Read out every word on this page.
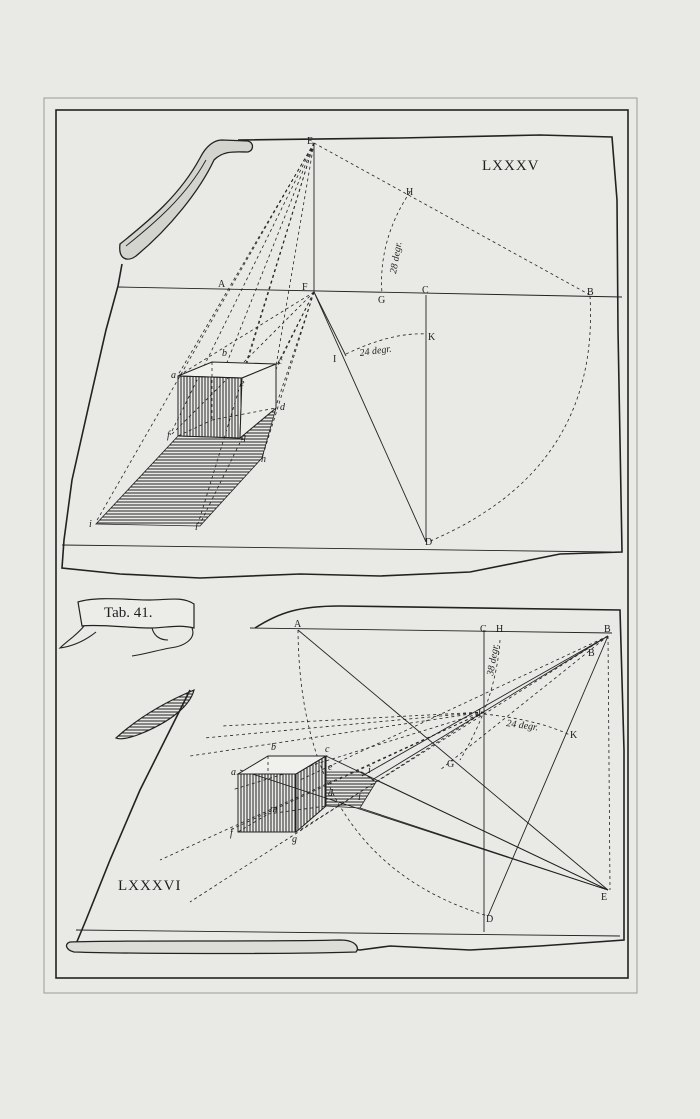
LXXXV
E
H
A	F
G
C	B
K
I
D
28 degr.
24 degr.
a
b
c
e
d
f	g
h
i	l
Tab. 41.
LXXXVI
A	C H	B
B
I
G
K
D
E
38 degr.
24 degr.
a
b	c
e
d
f
g
m
l
i
